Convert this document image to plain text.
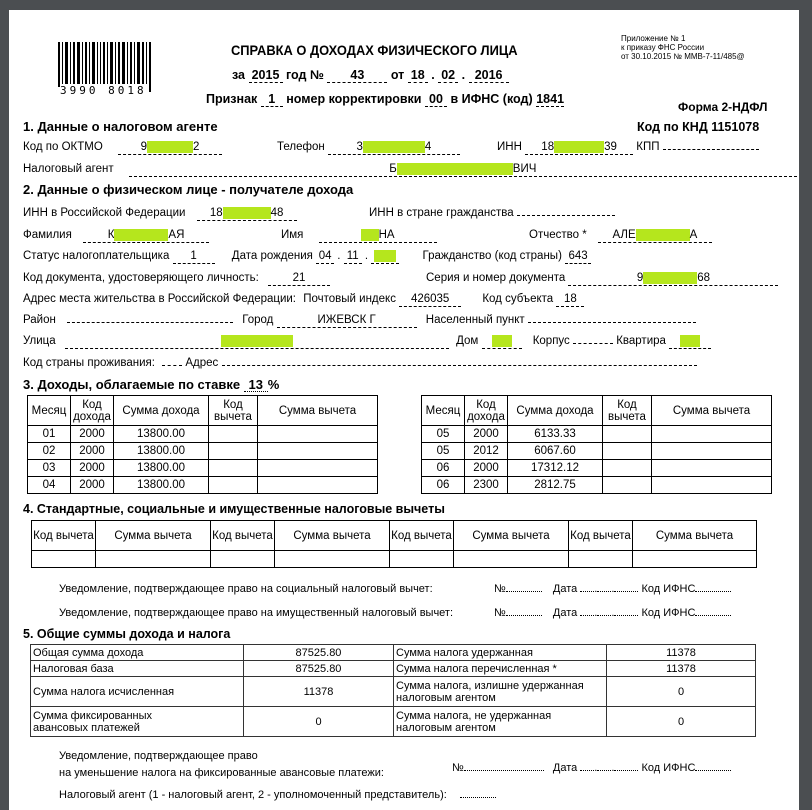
3990 8018
СПРАВКА О ДОХОДАХ ФИЗИЧЕСКОГО ЛИЦА
за 2015 год № 43 от 18 . 02 . 2016
Признак 1 номер корректировки 00 в ИФНС (код) 1841
Приложение № 1
к приказу ФНС России
от 30.10.2015 № ММВ-7-11/485@
Форма 2-НДФЛ
Код по КНД 1151078
1. Данные о налоговом агенте
Код по ОКТМО	9	2	Телефон	3	4	ИНН 18	39 КПП
Налоговый агент	Б	ВИЧ
2. Данные о физическом лице - получателе дохода
ИНН в Российской Федерации 18	48	ИНН в стране гражданства
Фамилия	К	АЯ	Имя	НА	Отчество * АЛЕ	А
Статус налогоплательщика 1	Дата рождения 04 . 11 .	Гражданство (код страны) 643
Код документа, удостоверяющего личность:	21	Серия и номер документа	9	68
Адрес места жительства в Российской Федерации: Почтовый индекс 426035	Код субъекта 18
Район	Город	ИЖЕВСК Г	Населенный пункт
Улица	Дом	Корпус	Квартира
Код страны проживания:	Адрес
3. Доходы, облагаемые по ставке 13 %
Месяц	Код дохода	Сумма дохода	Код вычета	Сумма вычета
01	2000	13800.00		
02	2000	13800.00		
03	2000	13800.00		
04	2000	13800.00		
Месяц	Код дохода	Сумма дохода	Код вычета	Сумма вычета
05	2000	6133.33		
05	2012	6067.60		
06	2000	17312.12		
06	2300	2812.75		
4. Стандартные, социальные и имущественные налоговые вычеты
Код вычета	Сумма вычета	Код вычета	Сумма вычета	Код вычета	Сумма вычета	Код вычета	Сумма вычета

Уведомление, подтверждающее право на социальный налоговый вычет:	№	Дата . . Код ИФНС
Уведомление, подтверждающее право на имущественный налоговый вычет:	№	Дата . . Код ИФНС
5. Общие суммы дохода и налога
Общая сумма дохода	87525.80	Сумма налога удержанная	11378
Налоговая база	87525.80	Сумма налога перечисленная *	11378
Сумма налога исчисленная	11378	Сумма налога, излишне удержанная налоговым агентом	0
Сумма фиксированных авансовых платежей	0	Сумма налога, не удержанная налоговым агентом	0
Уведомление, подтверждающее право
на уменьшение налога на фиксированные авансовые платежи:	№	Дата . . Код ИФНС
Налоговый агент (1 - налоговый агент, 2 - уполномоченный представитель):
